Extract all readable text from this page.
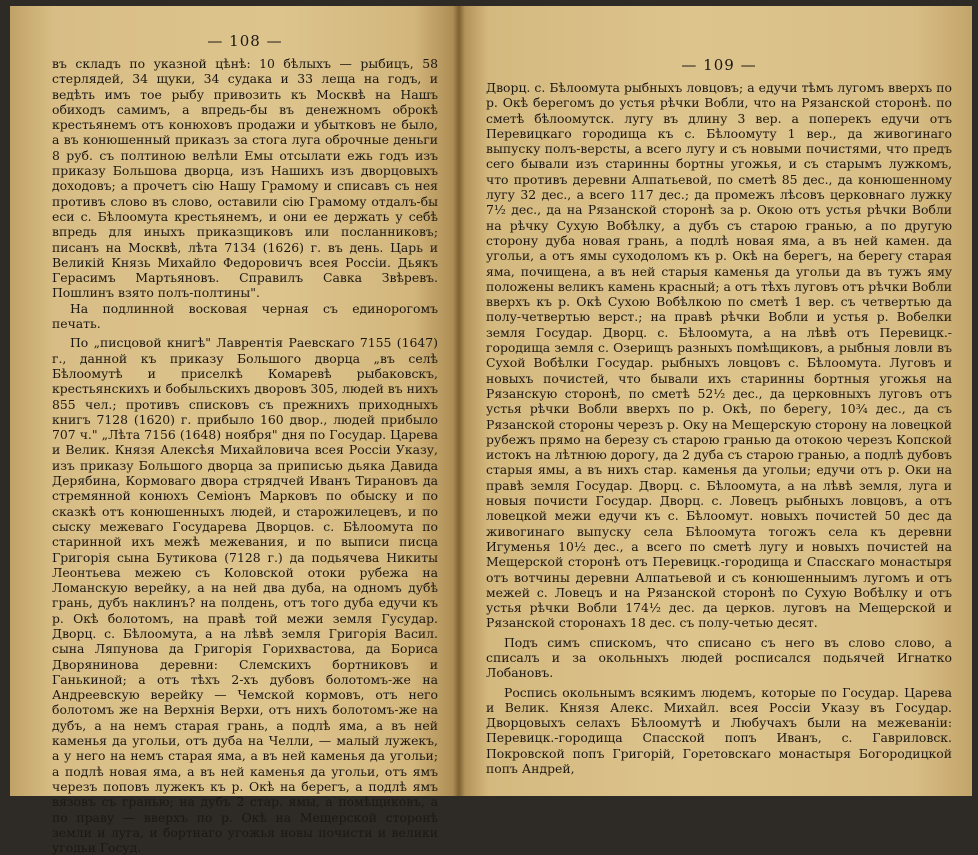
— 108 —

въ складъ по указной цѣнѣ: 10 бѣлыхъ — рыбицъ, 58 стерлядей, 34 щуки, 34 судака и 33 леща на годъ, и ведѣть имъ тое рыбу привозить къ Москвѣ на Нашъ обиходъ самимъ, а впредь-бы въ денежномъ оброкѣ крестьянемъ отъ конюховъ продажи и убытковъ не было, а въ конюшенный приказъ за стога луга оброчные деньги 8 руб. съ полтиною велѣли Емы отсылати ежь годъ изъ приказу Большова дворца, изъ Нашихъ изъ дворцовыхъ доходовъ; а прочетъ сію Нашу Грамому и списавъ съ нея противъ слово въ слово, оставили сію Грамому отдалъ-бы еси с. Бѣлоомута крестьянемъ, и они ее держать у себѣ впредь для иныхъ приказщиковъ или посланниковъ; писанъ на Москвѣ, лѣта 7134 (1626) г. въ день. Царь и Великій Князь Михайло Федоровичъ всея Россіи. Дьякъ Герасимъ Мартьяновъ. Справилъ Савка Звѣревъ. Пошлинъ взято полъ-полтины".

На подлинной восковая черная съ единорогомъ печать.

По „писцовой книгѣ" Лаврентія Раевскаго 7155 (1647) г., данной къ приказу Большого дворца „въ селѣ Бѣлоомутѣ и приселкѣ Комаревѣ рыбаковскъ, крестьянскихъ и бобыльскихъ дворовъ 305, людей въ нихъ 855 чел.; противъ списковъ съ прежнихъ приходныхъ книгъ 7128 (1620) г. прибыло 160 двор., людей прибыло 707 ч." „Лѣта 7156 (1648) ноября" дня по Государ. Царева и Велик. Князя Алексѣя Михайловича всея Россіи Указу, изъ приказу Большого дворца за приписью дьяка Давида Дерябина, Кормоваго двора стрядчей Иванъ Тирановъ да стремянной конюхъ Семіонъ Марковъ по обыску и по сказкѣ отъ конюшенныхъ людей, и старожилецевъ, и по сыску межеваго Государева Дворцов. с. Бѣлоомута по старинной ихъ межѣ межевания, и по выписи писца Григорія сына Бутикова (7128 г.) да подьячева Никиты Леонтьева межею съ Коловской отоки рубежа на Ломанскую верейку, а на ней два дуба, на одномъ дубѣ грань, дубъ наклинъ? на полдень, отъ того дуба едучи къ р. Окѣ болотомъ, на правѣ той межи земля Гусудар. Дворц. с. Бѣлоомута, а на лѣвѣ земля Григорія Васил. сына Ляпунова да Григорія Горихвастова, да Бориса Дворянинова деревни: Слемскихъ бортниковъ и Ганькиной; а отъ тѣхъ 2-хъ дубовъ болотомъ-же на Андреевскую верейку — Чемской кормовъ, отъ него болотомъ же на Верхнія Верхи, отъ нихъ болотомъ-же на дубъ, а на немъ старая грань, а подлѣ яма, а въ ней каменья да угольи, отъ дуба на Челли, — малый лужекъ, а у него на немъ старая яма, а въ ней каменья да угольи; а подлѣ новая яма, а въ ней каменья да угольи, отъ ямъ черезъ поповъ лужекъ къ р. Окѣ на берегъ, а подлѣ ямъ вязовъ съ гранью; на дубъ 2 стар. ямы, а помѣщиковъ, а по праву — вверхъ по р. Окѣ на Мещерской сторонѣ земли и луга, и бортнаго угожья новы почисти и велики угодьи Госуд.

— 109 —

Дворц. с. Бѣлоомута рыбныхъ ловцовъ; а едучи тѣмъ лугомъ вверхъ по р. Окѣ берегомъ до устья рѣчки Вобли, что на Рязанской сторонѣ. по сметѣ бѣлоомутск. лугу въ длину 3 вер. а поперекъ едучи отъ Перевицкаго городища къ с. Бѣлоомуту 1 вер., да живогинаго выпуску полъ-версты, а всего лугу и съ новыми почистями, что предъ сего бывали изъ старинны бортны угожья, и съ старымъ лужкомъ, что противъ деревни Алпатьевой, по сметѣ 85 дес., да конюшенному лугу 32 дес., а всего 117 дес.; да промежъ лѣсовъ церковнаго лужку 7½ дес., да на Рязанской сторонѣ за р. Окою отъ устья рѣчки Вобли на рѣчку Сухую Вобѣлку, а дубъ съ старою гранью, а по другую сторону дуба новая грань, а подлѣ новая яма, а въ ней камен. да угольи, а отъ ямы суходоломъ къ р. Окѣ на берегъ, на берегу старая яма, почищена, а въ ней старыя каменья да угольи да въ тужъ яму положены великъ камень красный; а отъ тѣхъ луговъ отъ рѣчки Вобли вверхъ къ р. Окѣ Сухою Вобѣлкою по сметѣ 1 вер. съ четвертью да полу-четвертью верст.; на правѣ рѣчки Вобли и устья р. Вобелки земля Государ. Дворц. с. Бѣлоомута, а на лѣвѣ отъ Перевицк.-городища земля с. Озерищъ разныхъ помѣщиковъ, а рыбныя ловли въ Сухой Вобѣлки Государ. рыбныхъ ловцовъ с. Бѣлоомута. Луговъ и новыхъ почистей, что бывали ихъ старинны бортныя угожья на Рязанскую сторонѣ, по сметѣ 52½ дес., да церковныхъ луговъ отъ устья рѣчки Вобли вверхъ по р. Окѣ, по берегу, 10¾ дес., да съ Рязанской стороны черезъ р. Оку на Мещерскую сторону на ловецкой рубежъ прямо на березу съ старою гранью да отокою черезъ Копской истокъ на лѣтнюю дорогу, да 2 дуба съ старою гранью, а подлѣ дубовъ старыя ямы, а въ нихъ стар. каменья да угольи; едучи отъ р. Оки на правѣ земля Государ. Дворц. с. Бѣлоомута, а на лѣвѣ земля, луга и новыя почисти Государ. Дворц. с. Ловецъ рыбныхъ ловцовъ, а отъ ловецкой межи едучи къ с. Бѣлоомут. новыхъ почистей 50 дес да живогинаго выпуску села Бѣлоомута тогожъ села къ деревни Игуменья 10½ дес., а всего по сметѣ лугу и новыхъ почистей на Мещерской сторонѣ отъ Перевицк.-городища и Спасскаго монастыря отъ вотчины деревни Алпатьевой и съ конюшенныимъ лугомъ и отъ межей с. Ловецъ и на Рязанской сторонѣ по Сухую Вобѣлку и отъ устья рѣчки Вобли 174½ дес. да церков. луговъ на Мещерской и Рязанской сторонахъ 18 дес. съ полу-четью десят.

Подъ симъ спискомъ, что списано съ него въ слово слово, а списалъ и за окольныхъ людей росписался подьячей Игнатко Лобановъ.

Роспись окольнымъ всякимъ людемъ, которые по Государ. Царева и Велик. Князя Алекс. Михайл. всея Россіи Указу въ Государ. Дворцовыхъ селахъ Бѣлоомутѣ и Любучахъ были на межеваніи: Перевицк.-городища Спасской попъ Иванъ, с. Гавриловск. Покровской попъ Григорій, Горетовскаго монастыря Богородицкой попъ Андрей,
